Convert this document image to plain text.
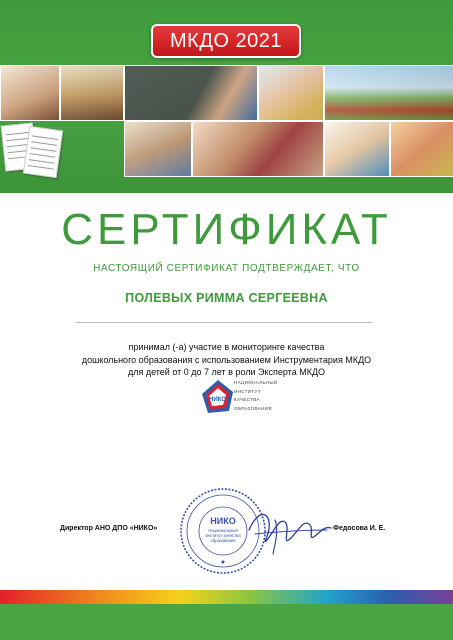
МКДО 2021
СЕРТИФИКАТ
НАСТОЯЩИЙ СЕРТИФИКАТ ПОДТВЕРЖДАЕТ, ЧТО
ПОЛЕВЫХ РИММА СЕРГЕЕВНА
принимал (-а) участие в мониторинге качества
дошкольного образования с использованием Инструментария МКДО
для детей от 0 до 7 лет в роли Эксперта МКДО
НИКО
НАЦИОНАЛЬНЫЙ
ИНСТИТУТ
КАЧЕСТВА
ОБРАЗОВАНИЯ
Директор АНО ДПО «НИКО»
НИКО
Национальный
институт качества
образования
Федосова И. Е.
